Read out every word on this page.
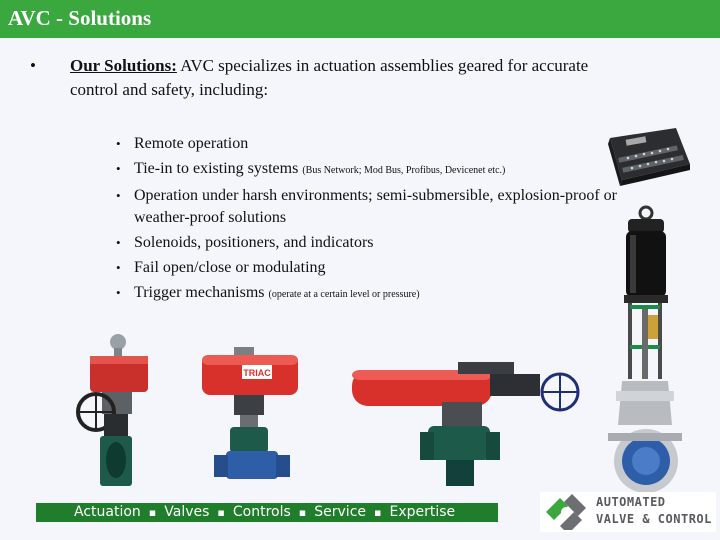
AVC - Solutions
•	Our Solutions: AVC specializes in actuation assemblies geared for accurate control and safety, including:
• Remote operation
• Tie-in to existing systems (Bus Network; Mod Bus, Profibus, Devicenet etc.)
• Operation under harsh environments; semi-submersible, explosion-proof or weather-proof solutions
• Solenoids, positioners, and indicators
• Fail open/close or modulating
• Trigger mechanisms (operate at a certain level or pressure)
TRIAC
Actuation ▪ Valves ▪ Controls ▪ Service ▪ Expertise
AUTOMATED
VALVE & CONTROL
